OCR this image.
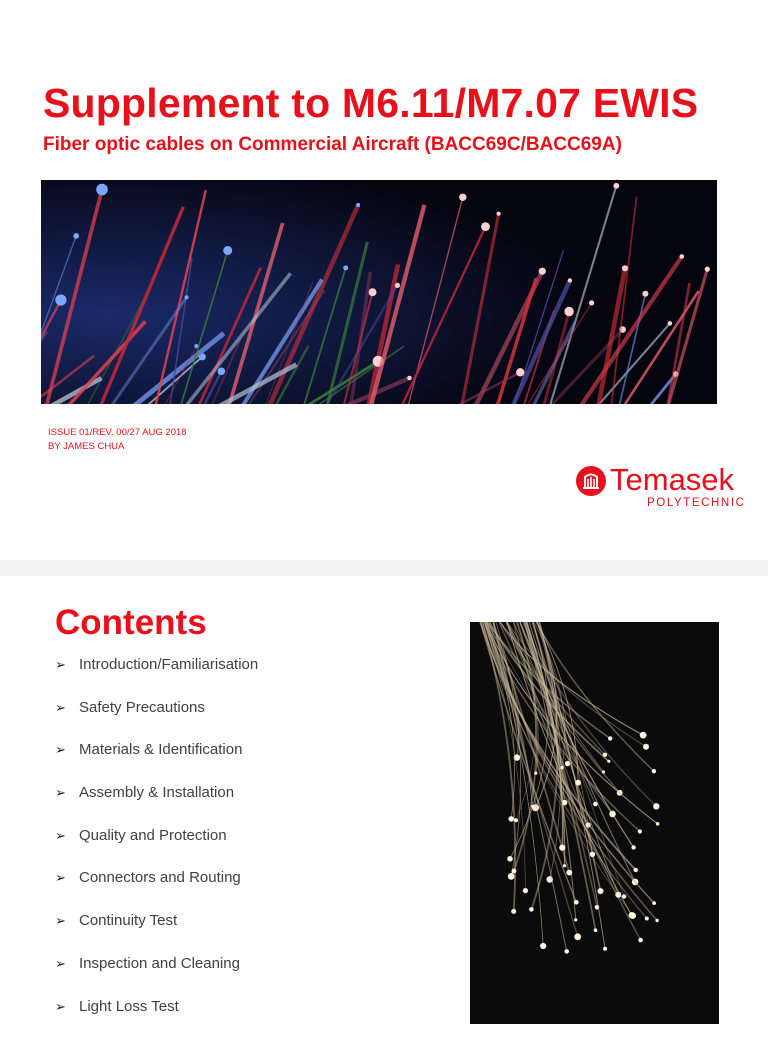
Supplement to M6.11/M7.07 EWIS
Fiber optic cables on Commercial Aircraft (BACC69C/BACC69A)
ISSUE 01/REV. 00/27 AUG 2018
BY JAMES CHUA
Temasek
POLYTECHNIC
Contents
➢ Introduction/Familiarisation
➢ Safety Precautions
➢ Materials & Identification
➢ Assembly & Installation
➢ Quality and Protection
➢ Connectors and Routing
➢ Continuity Test
➢ Inspection and Cleaning
➢ Light Loss Test
